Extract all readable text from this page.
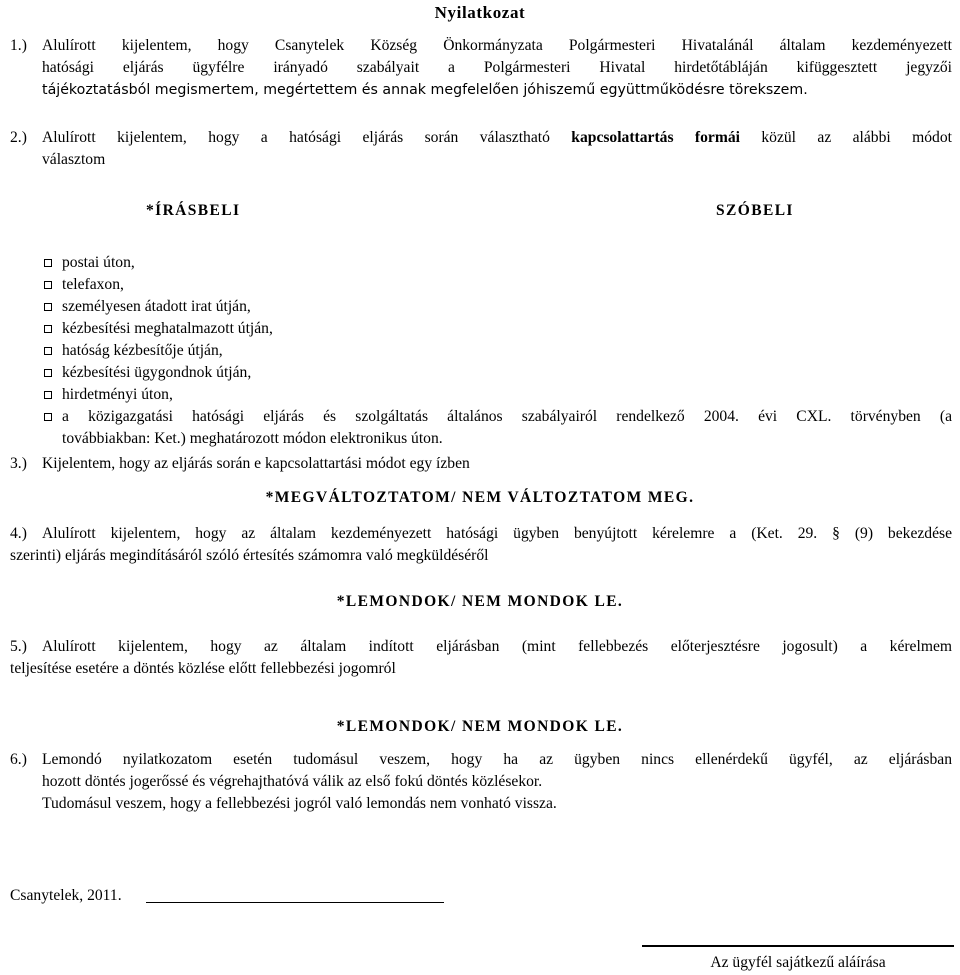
Nyilatkozat
1.) Alulírott kijelentem, hogy Csanytelek Község Önkormányzata Polgármesteri Hivatalánál általam kezdeményezett
hatósági eljárás ügyfélre irányadó szabályait a Polgármesteri Hivatal hirdetőtábláján kifüggesztett jegyzői
tájékoztatásból megismertem, megértettem és annak megfelelően jóhiszemű együttműködésre törekszem.
2.) Alulírott kijelentem, hogy a hatósági eljárás során választható kapcsolattartás formái közül az alábbi módot
választom
*ÍRÁSBELI	SZÓBELI
postai úton,
telefaxon,
személyesen átadott irat útján,
kézbesítési meghatalmazott útján,
hatóság kézbesítője útján,
kézbesítési ügygondnok útján,
hirdetményi úton,
a közigazgatási hatósági eljárás és szolgáltatás általános szabályairól rendelkező 2004. évi CXL. törvényben (a
továbbiakban: Ket.) meghatározott módon elektronikus úton.
3.) Kijelentem, hogy az eljárás során e kapcsolattartási módot egy ízben
*MEGVÁLTOZTATOM/ NEM VÁLTOZTATOM MEG.
4.) Alulírott kijelentem, hogy az általam kezdeményezett hatósági ügyben benyújtott kérelemre a (Ket. 29. § (9) bekezdése
szerinti) eljárás megindításáról szóló értesítés számomra való megküldéséről
*LEMONDOK/ NEM MONDOK LE.
5.) Alulírott kijelentem, hogy az általam indított eljárásban (mint fellebbezés előterjesztésre jogosult) a kérelmem
teljesítése esetére a döntés közlése előtt fellebbezési jogomról
*LEMONDOK/ NEM MONDOK LE.
6.) Lemondó nyilatkozatom esetén tudomásul veszem, hogy ha az ügyben nincs ellenérdekű ügyfél, az eljárásban
hozott döntés jogerőssé és végrehajthatóvá válik az első fokú döntés közlésekor.
Tudomásul veszem, hogy a fellebbezési jogról való lemondás nem vonható vissza.
Csanytelek, 2011.
Az ügyfél sajátkezű aláírása
